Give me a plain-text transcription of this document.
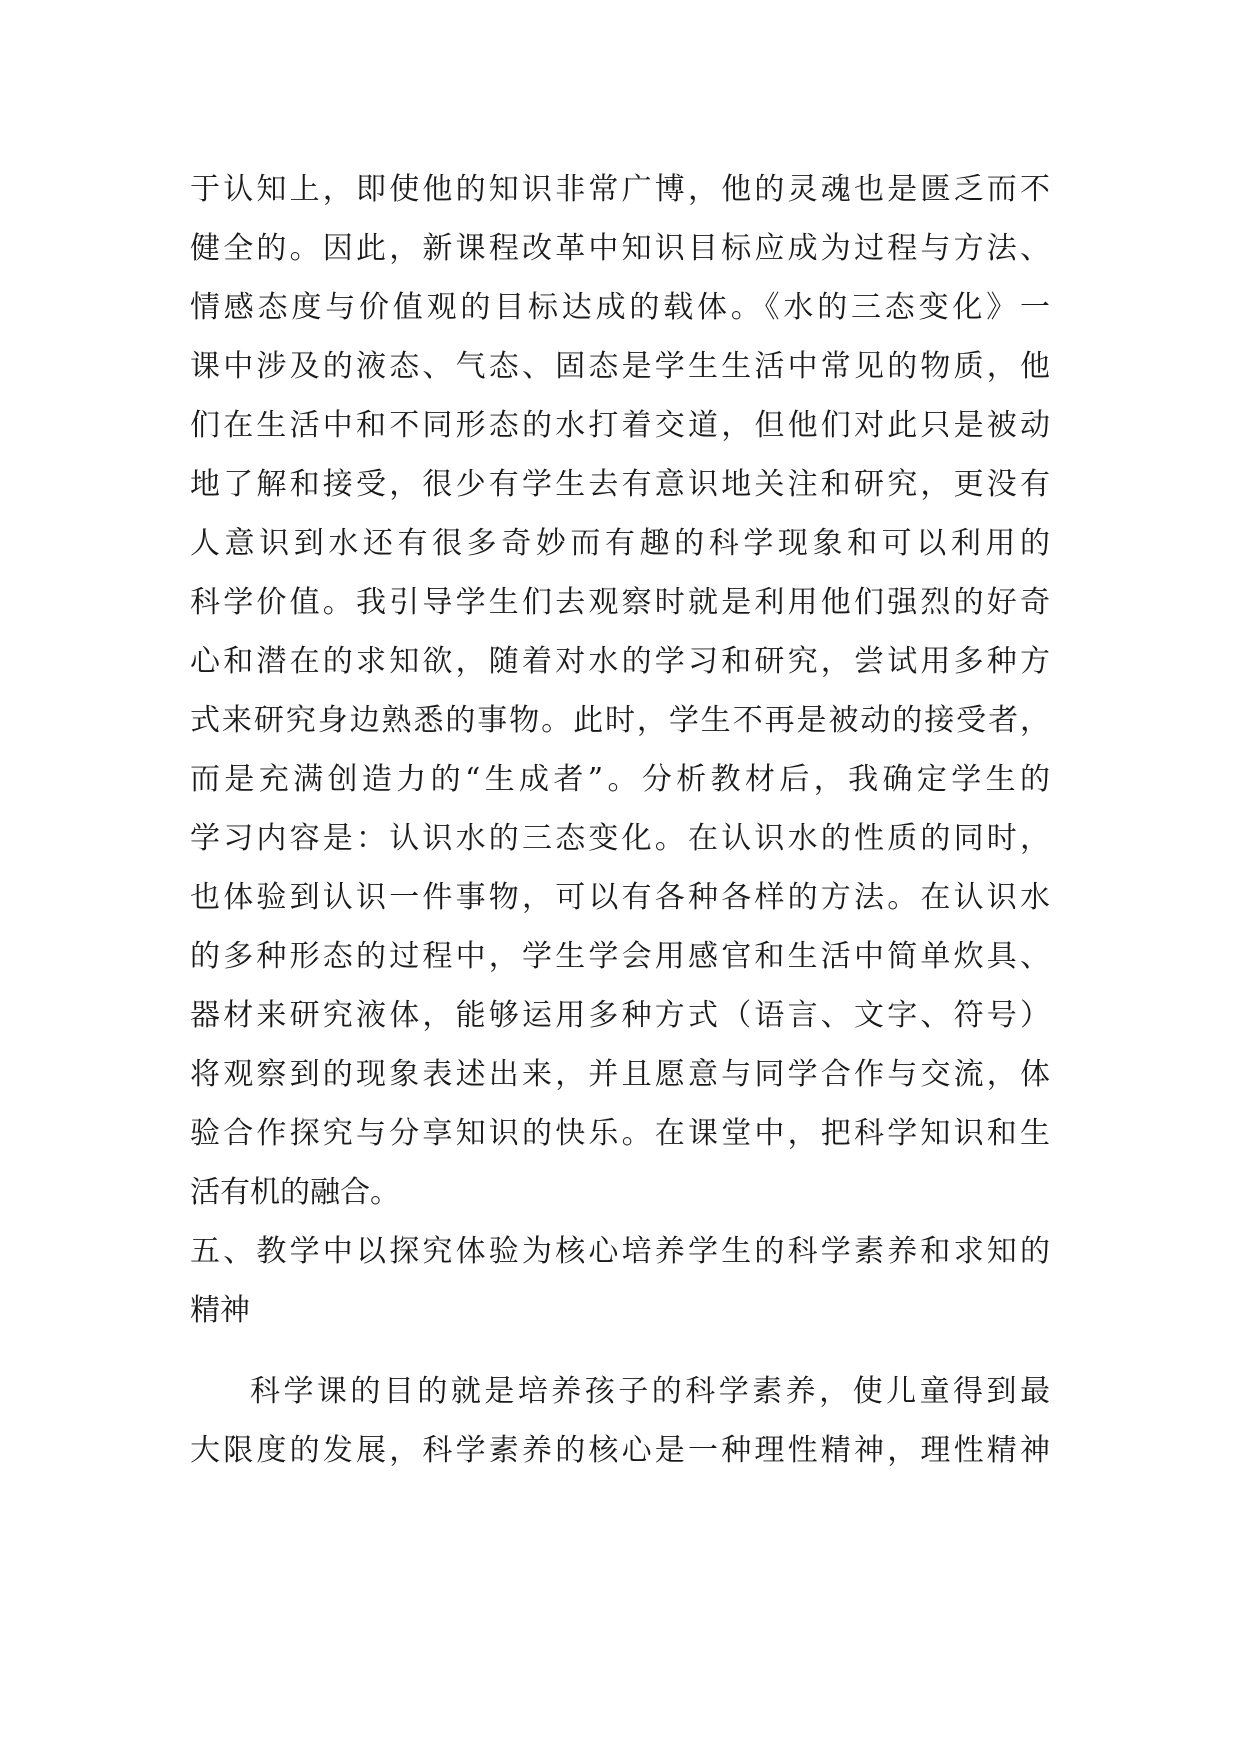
于认知上，即使他的知识非常广博，他的灵魂也是匮乏而不
健全的。因此，新课程改革中知识目标应成为过程与方法、
情感态度与价值观的目标达成的载体。《水的三态变化》一
课中涉及的液态、气态、固态是学生生活中常见的物质，他
们在生活中和不同形态的水打着交道，但他们对此只是被动
地了解和接受，很少有学生去有意识地关注和研究，更没有
人意识到水还有很多奇妙而有趣的科学现象和可以利用的
科学价值。我引导学生们去观察时就是利用他们强烈的好奇
心和潜在的求知欲，随着对水的学习和研究，尝试用多种方
式来研究身边熟悉的事物。此时，学生不再是被动的接受者，
而是充满创造力的“生成者”。分析教材后，我确定学生的
学习内容是：认识水的三态变化。在认识水的性质的同时，
也体验到认识一件事物，可以有各种各样的方法。在认识水
的多种形态的过程中，学生学会用感官和生活中简单炊具、
器材来研究液体，能够运用多种方式（语言、文字、符号）
将观察到的现象表述出来，并且愿意与同学合作与交流，体
验合作探究与分享知识的快乐。在课堂中，把科学知识和生
活有机的融合。
五、教学中以探究体验为核心培养学生的科学素养和求知的
精神
科学课的目的就是培养孩子的科学素养，使儿童得到最
大限度的发展，科学素养的核心是一种理性精神，理性精神
